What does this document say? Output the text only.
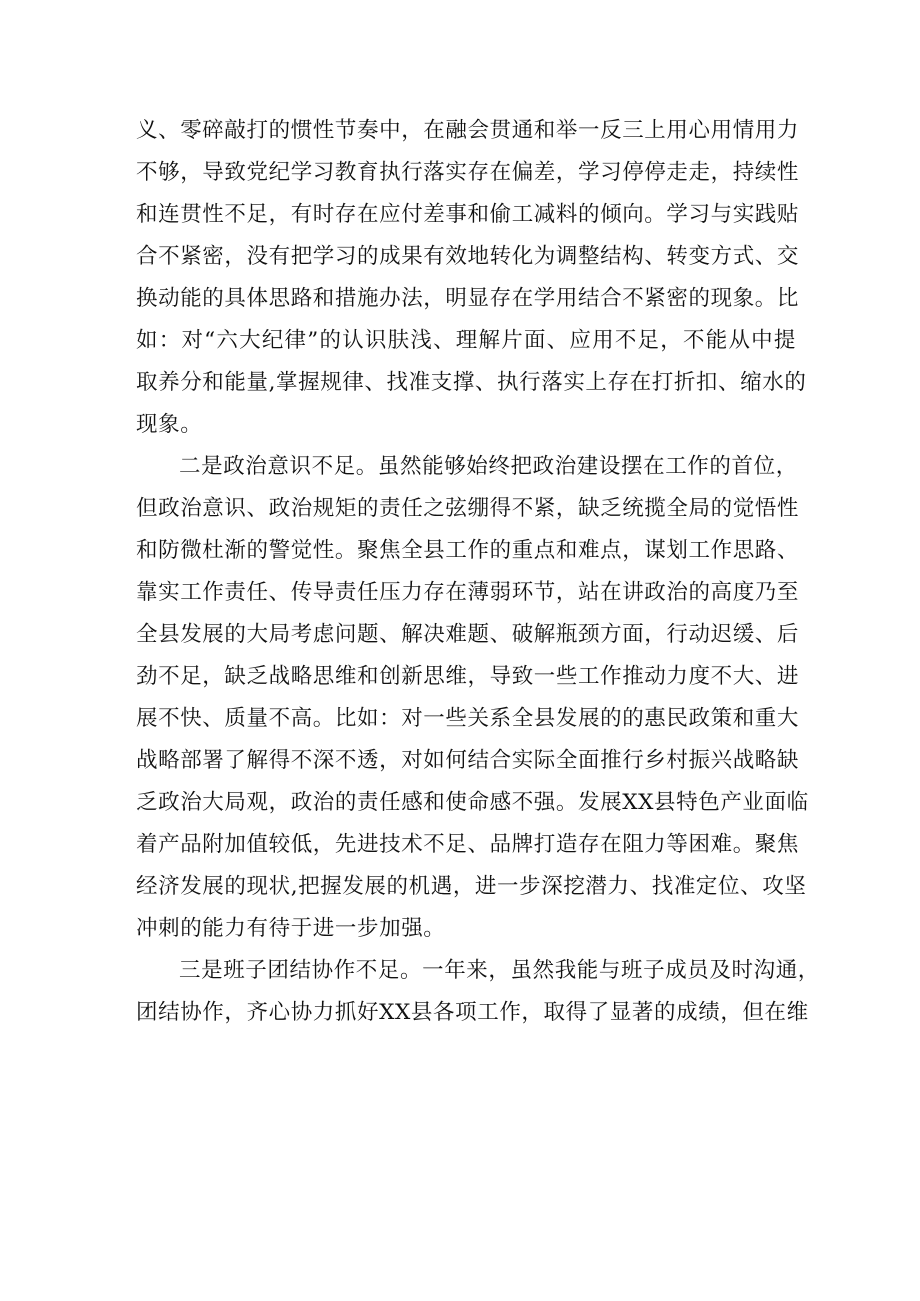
义、零碎敲打的惯性节奏中，在融会贯通和举一反三上用心用情用力
不够，导致党纪学习教育执行落实存在偏差，学习停停走走，持续性
和连贯性不足，有时存在应付差事和偷工减料的倾向。学习与实践贴
合不紧密，没有把学习的成果有效地转化为调整结构、转变方式、交
换动能的具体思路和措施办法，明显存在学用结合不紧密的现象。比
如：对“六大纪律”的认识肤浅、理解片面、应用不足，不能从中提
取养分和能量,掌握规律、找准支撑、执行落实上存在打折扣、缩水的
现象。
二是政治意识不足。虽然能够始终把政治建设摆在工作的首位，
但政治意识、政治规矩的责任之弦绷得不紧，缺乏统揽全局的觉悟性
和防微杜渐的警觉性。聚焦全县工作的重点和难点，谋划工作思路、
靠实工作责任、传导责任压力存在薄弱环节，站在讲政治的高度乃至
全县发展的大局考虑问题、解决难题、破解瓶颈方面，行动迟缓、后
劲不足，缺乏战略思维和创新思维，导致一些工作推动力度不大、进
展不快、质量不高。比如：对一些关系全县发展的的惠民政策和重大
战略部署了解得不深不透，对如何结合实际全面推行乡村振兴战略缺
乏政治大局观，政治的责任感和使命感不强。发展XX县特色产业面临
着产品附加值较低，先进技术不足、品牌打造存在阻力等困难。聚焦
经济发展的现状,把握发展的机遇，进一步深挖潜力、找准定位、攻坚
冲刺的能力有待于进一步加强。
三是班子团结协作不足。一年来，虽然我能与班子成员及时沟通，
团结协作，齐心协力抓好XX县各项工作，取得了显著的成绩，但在维
